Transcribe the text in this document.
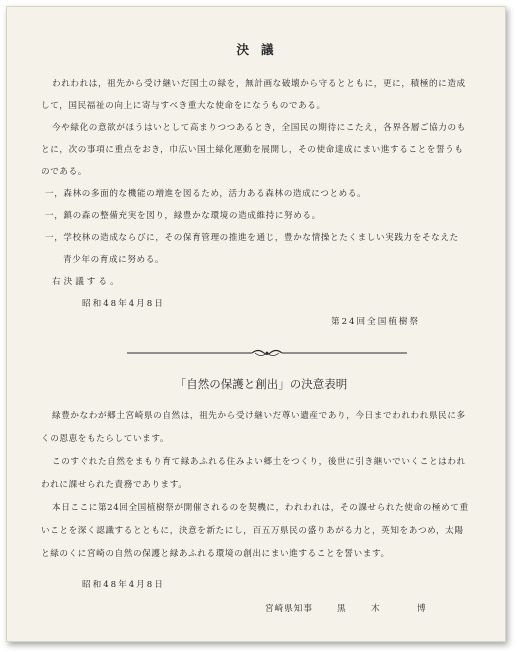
決議
われわれは，祖先から受け継いだ国土の緑を，無計画な破壊から守るとともに，更に，積極的に造成
して，国民福祉の向上に寄与すべき重大な使命をになうものである。
今や緑化の意欲がほうはいとして高まりつつあるとき，全国民の期待にこたえ，各界各層ご協力のも
とに，次の事項に重点をおき，巾広い国土緑化運動を展開し，その使命達成にまい進することを誓うも
のである。
一，森林の多面的な機能の増進を図るため，活力ある森林の造成につとめる。
一，鎮の森の整備充実を図り，緑豊かな環境の造成維持に努める。
一，学校林の造成ならびに，その保育管理の推進を通じ，豊かな情操とたくましい実践力をそなえた
青少年の育成に努める。
右決議する。
昭和48年4月8日
第24回全国植樹祭
「自然の保護と創出」の決意表明
緑豊かなわが郷土宮崎県の自然は，祖先から受け継いだ尊い遺産であり，今日までわれわれ県民に多
くの恩恵をもたらしています。
このすぐれた自然をまもり育て緑あふれる住みよい郷土をつくり，後世に引き継いでいくことはわれ
われに課せられた責務であります。
本日ここに第24回全国植樹祭が開催されるのを契機に，われわれは，その課せられた使命の極めて重
いことを深く認識するとともに，決意を新たにし，百五万県民の盛りあがる力と，英知をあつめ，太陽
と緑のくに宮崎の自然の保護と緑あふれる環境の創出にまい進することを誓います。
昭和48年4月8日
宮崎県知事	黒	木	博
